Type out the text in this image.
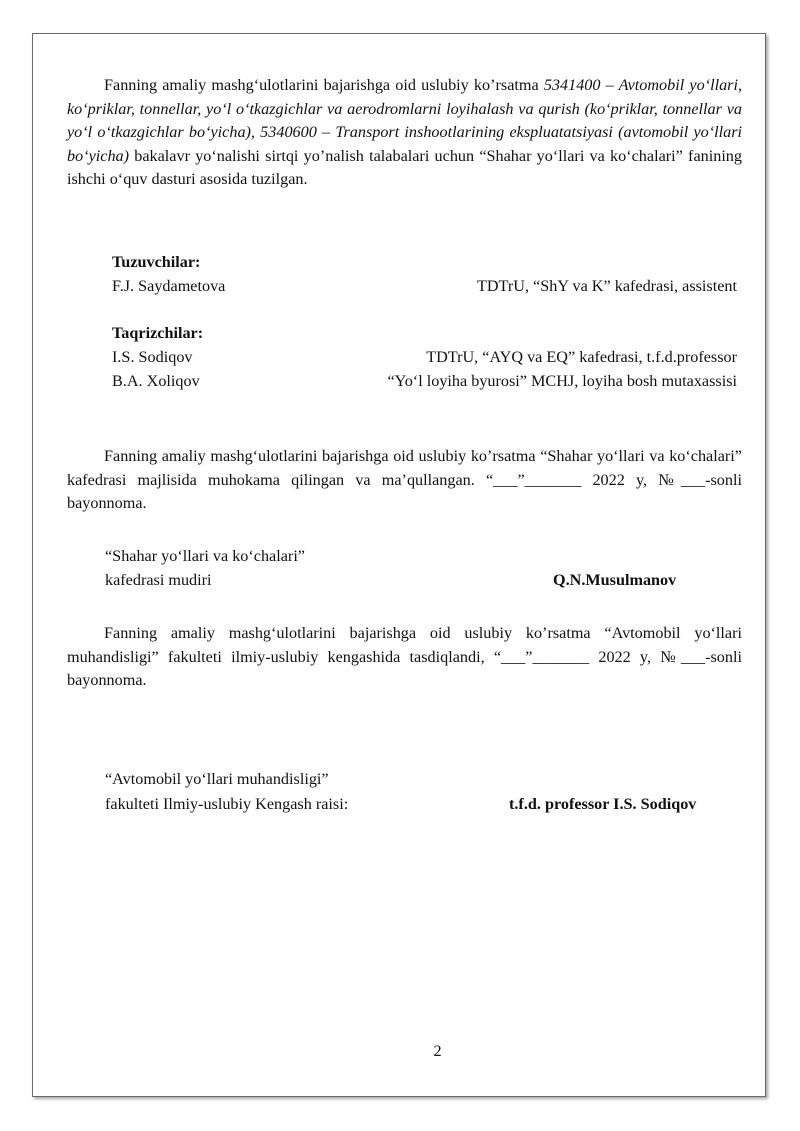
Fanning amaliy mashg‘ulotlarini bajarishga oid uslubiy ko’rsatma 5341400 – Avtomobil yo‘llari, ko‘priklar, tonnellar, yo‘l o‘tkazgichlar va aerodromlarni loyihalash va qurish (ko‘priklar, tonnellar va yo‘l o‘tkazgichlar bo‘yicha), 5340600 – Transport inshootlarining ekspluatatsiyasi (avtomobil yo‘llari bo‘yicha) bakalavr yo‘nalishi sirtqi yo’nalish talabalari uchun “Shahar yo‘llari va ko‘chalari” fanining ishchi o‘quv dasturi asosida tuzilgan.
Tuzuvchilar:
F.J. Saydametova	TDTrU, “ShY va K” kafedrasi, assistent
Taqrizchilar:
I.S. Sodiqov	TDTrU, “AYQ va EQ” kafedrasi, t.f.d.professor
B.A. Xoliqov	“Yo‘l loyiha byurosi” MCHJ, loyiha bosh mutaxassisi
Fanning amaliy mashg‘ulotlarini bajarishga oid uslubiy ko’rsatma “Shahar yo‘llari va ko‘chalari” kafedrasi majlisida muhokama qilingan va ma’qullangan. “___”_______ 2022 y, №___-sonli bayonnoma.
“Shahar yo‘llari va ko‘chalari”
kafedrasi mudiri	Q.N.Musulmanov
Fanning amaliy mashg‘ulotlarini bajarishga oid uslubiy ko’rsatma “Avtomobil yo‘llari muhandisligi” fakulteti ilmiy-uslubiy kengashida tasdiqlandi, “___”_______ 2022 y, №___-sonli bayonnoma.
“Avtomobil yo‘llari muhandisligi”
fakulteti Ilmiy-uslubiy Kengash raisi:	t.f.d. professor I.S. Sodiqov
2
